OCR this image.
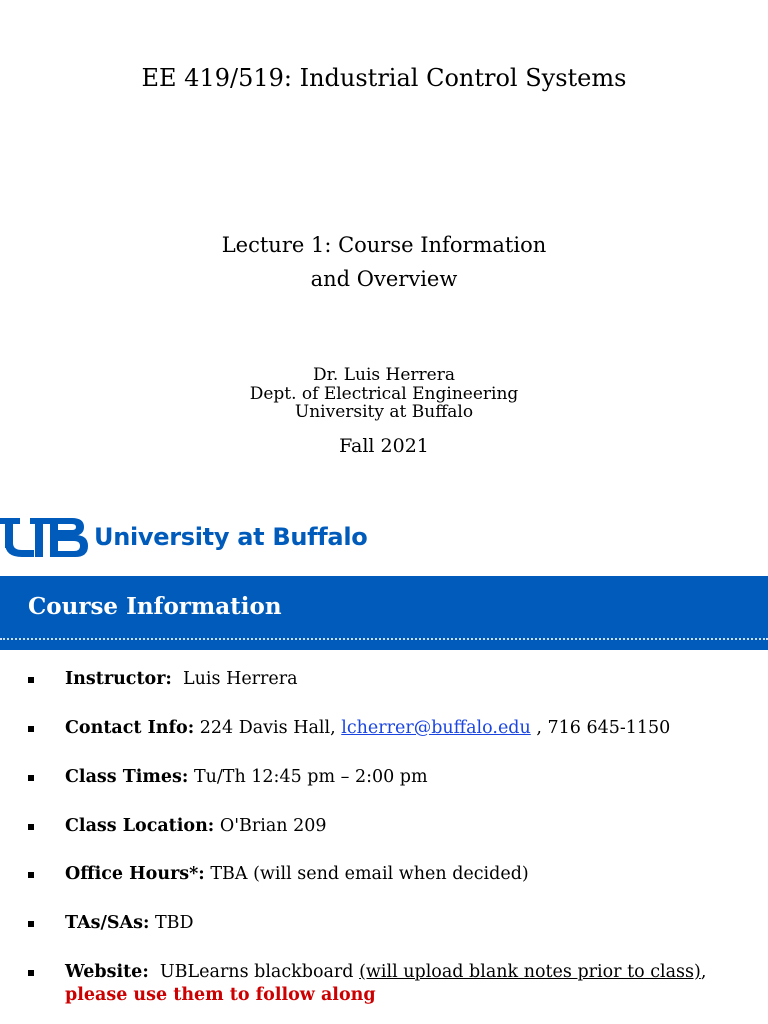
EE 419/519: Industrial Control Systems
Lecture 1: Course Information
and Overview
Dr. Luis Herrera
Dept. of Electrical Engineering
University at Buffalo
Fall 2021
University at Buffalo
Course Information
Instructor: Luis Herrera
Contact Info: 224 Davis Hall, lcherrer@buffalo.edu , 716 645-1150
Class Times: Tu/Th 12:45 pm – 2:00 pm
Class Location: O'Brian 209
Office Hours*: TBA (will send email when decided)
TAs/SAs: TBD
Website: UBLearns blackboard (will upload blank notes prior to class), please use them to follow along
